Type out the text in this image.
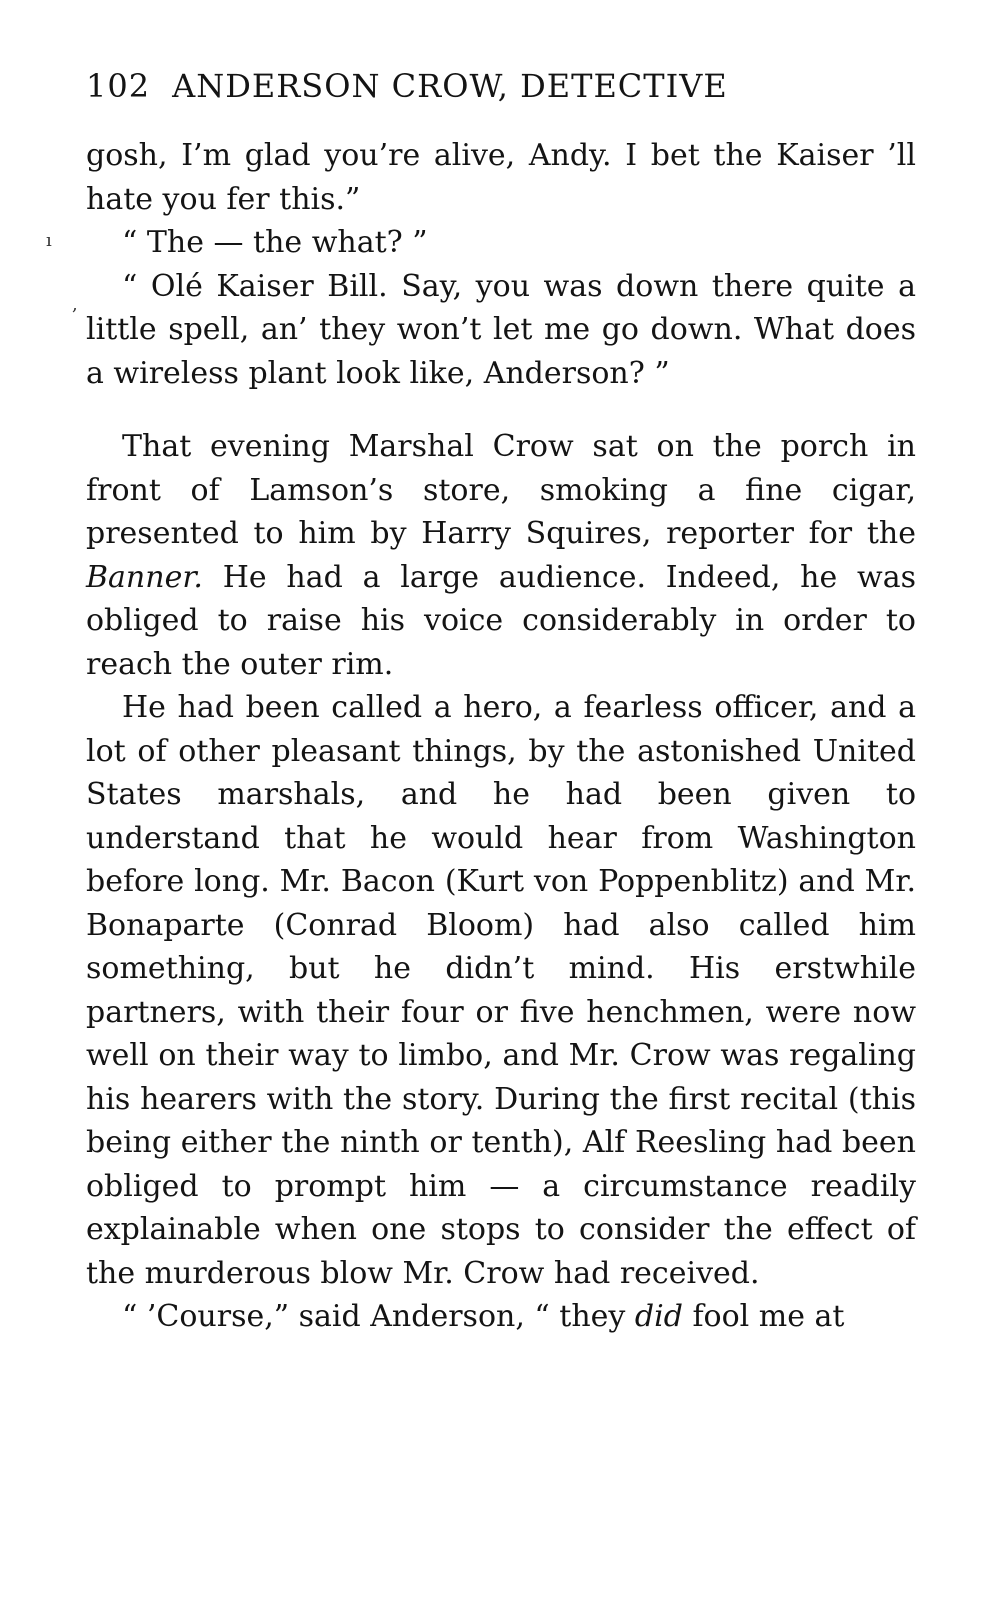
102 ANDERSON CROW, DETECTIVE
ı
,

gosh, I’m glad you’re alive, Andy. I bet the Kaiser ’ll hate you fer this.”

“ The — the what? ”

“ Olé Kaiser Bill. Say, you was down there quite a little spell, an’ they won’t let me go down. What does a wireless plant look like, Anderson? ”

That evening Marshal Crow sat on the porch in front of Lamson’s store, smoking a fine cigar, presented to him by Harry Squires, reporter for the Banner. He had a large audience. Indeed, he was obliged to raise his voice considerably in order to reach the outer rim.

He had been called a hero, a fearless officer, and a lot of other pleasant things, by the astonished United States marshals, and he had been given to understand that he would hear from Washington before long. Mr. Bacon (Kurt von Poppenblitz) and Mr. Bonaparte (Conrad Bloom) had also called him something, but he didn’t mind. His erstwhile partners, with their four or five henchmen, were now well on their way to limbo, and Mr. Crow was regaling his hearers with the story. During the first recital (this being either the ninth or tenth), Alf Reesling had been obliged to prompt him — a circumstance readily explainable when one stops to consider the effect of the murderous blow Mr. Crow had received.

“ ’Course,” said Anderson, “ they did fool me at
